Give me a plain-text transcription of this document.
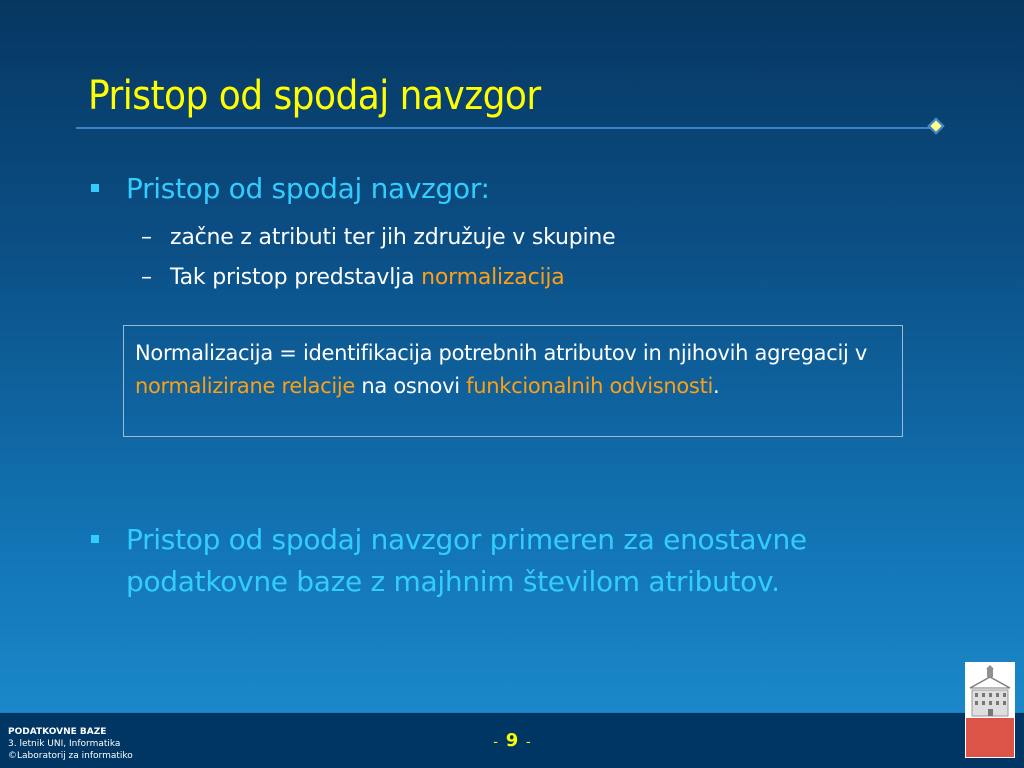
Pristop od spodaj navzgor
Pristop od spodaj navzgor:
– začne z atributi ter jih združuje v skupine
– Tak pristop predstavlja normalizacija
Normalizacija = identifikacija potrebnih atributov in njihovih agregacij v normalizirane relacije na osnovi funkcionalnih odvisnosti.
Pristop od spodaj navzgor primeren za enostavne
podatkovne baze z majhnim številom atributov.
PODATKOVNE BAZE
3. letnik UNI, Informatika
©Laboratorij za informatiko
- 9 -
